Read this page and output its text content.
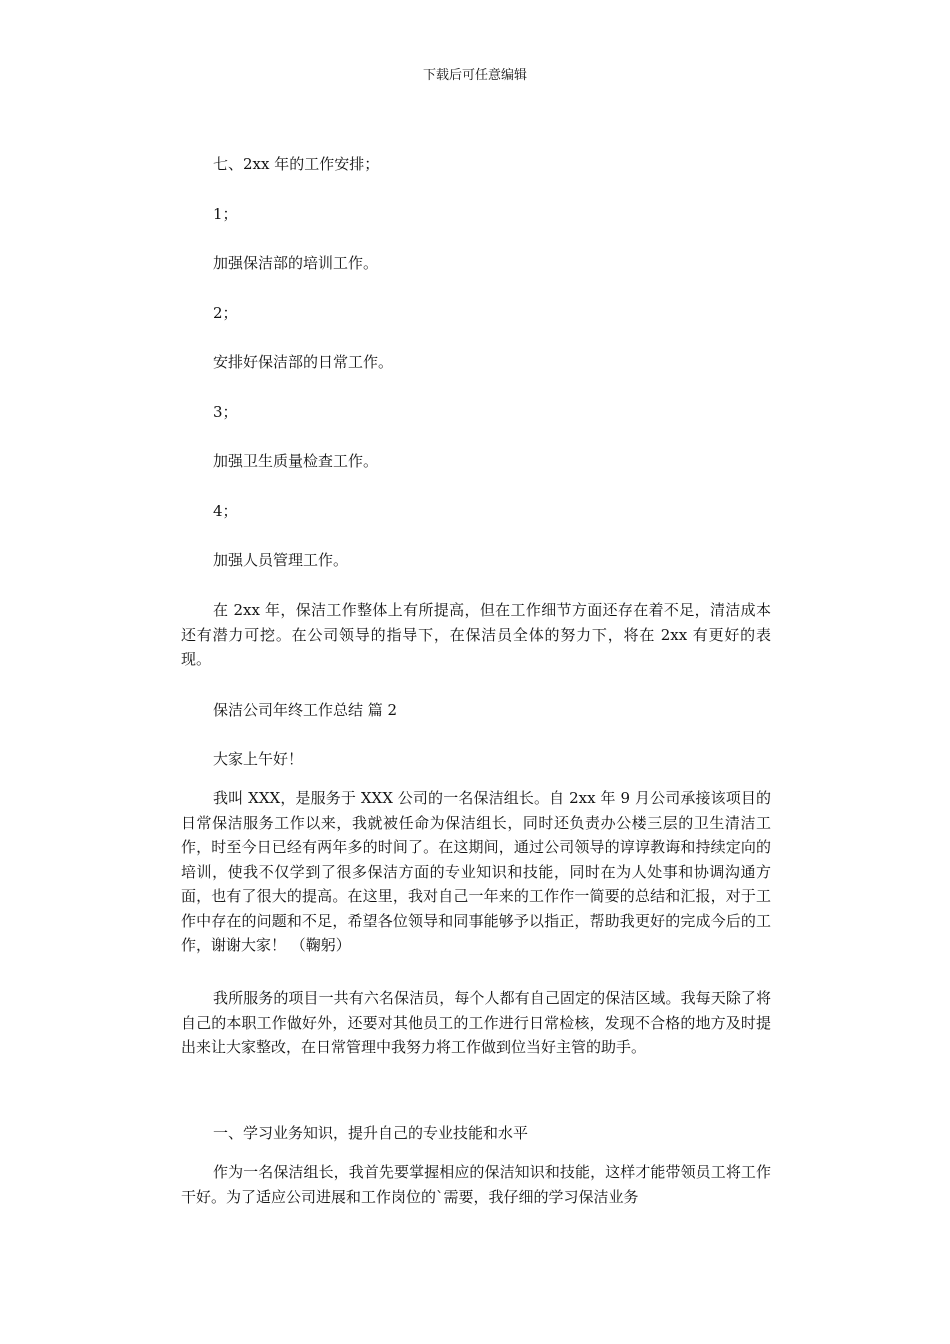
下载后可任意编辑
七、2xx 年的工作安排；
1；
加强保洁部的培训工作。
2；
安排好保洁部的日常工作。
3；
加强卫生质量检查工作。
4；
加强人员管理工作。
在 2xx 年，保洁工作整体上有所提高，但在工作细节方面还存在着不足，清洁成本还有潜力可挖。在公司领导的指导下，在保洁员全体的努力下，将在 2xx 有更好的表现。
保洁公司年终工作总结 篇 2
大家上午好！
我叫 XXX，是服务于 XXX 公司的一名保洁组长。自 2xx 年 9 月公司承接该项目的日常保洁服务工作以来，我就被任命为保洁组长，同时还负责办公楼三层的卫生清洁工作，时至今日已经有两年多的时间了。在这期间，通过公司领导的谆谆教诲和持续定向的培训，使我不仅学到了很多保洁方面的专业知识和技能，同时在为人处事和协调沟通方面，也有了很大的提高。在这里，我对自己一年来的工作作一简要的总结和汇报，对于工作中存在的问题和不足，希望各位领导和同事能够予以指正，帮助我更好的完成今后的工作，谢谢大家！ （鞠躬）
我所服务的项目一共有六名保洁员，每个人都有自己固定的保洁区域。我每天除了将自己的本职工作做好外，还要对其他员工的工作进行日常检核，发现不合格的地方及时提出来让大家整改，在日常管理中我努力将工作做到位当好主管的助手。
一、学习业务知识，提升自己的专业技能和水平
作为一名保洁组长，我首先要掌握相应的保洁知识和技能，这样才能带领员工将工作干好。为了适应公司进展和工作岗位的`需要，我仔细的学习保洁业务
